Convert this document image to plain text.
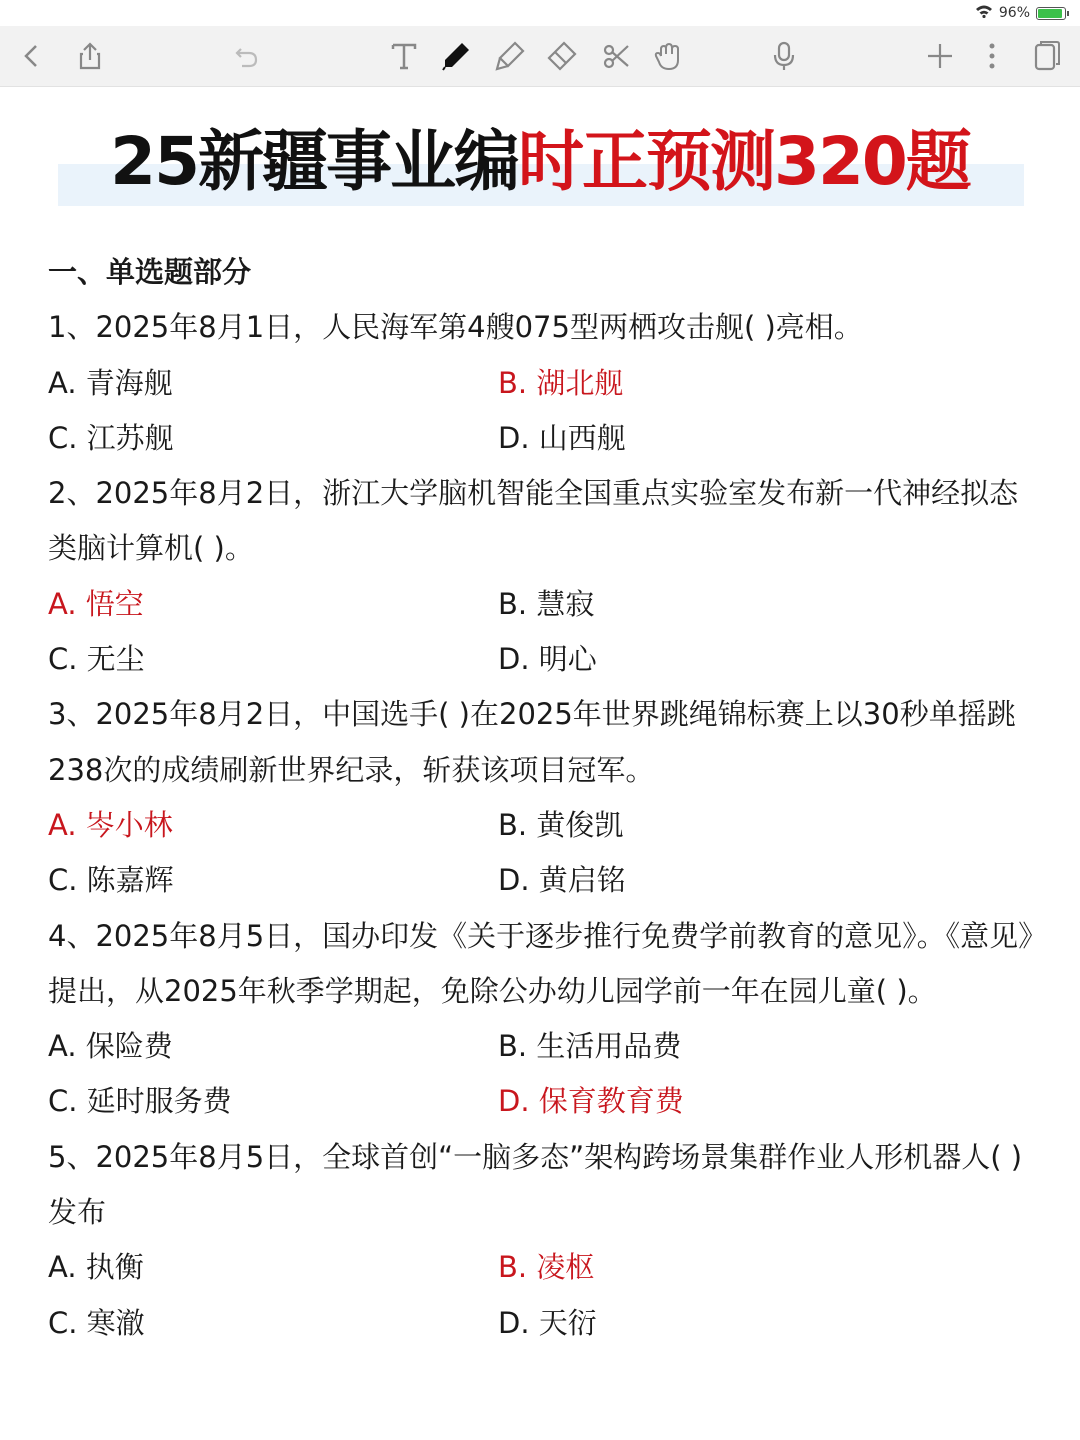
96%
25新疆事业编时正预测320题
一、单选题部分

1、2025年8月1日，人民海军第4艘075型两栖攻击舰( )亮相。

A. 青海舰	B. 湖北舰
C. 江苏舰	D. 山西舰

2、2025年8月2日，浙江大学脑机智能全国重点实验室发布新一代神经拟态类脑计算机( )。

A. 悟空	B. 慧寂
C. 无尘	D. 明心

3、2025年8月2日，中国选手( )在2025年世界跳绳锦标赛上以30秒单摇跳238次的成绩刷新世界纪录，斩获该项目冠军。

A. 岑小林	B. 黄俊凯
C. 陈嘉辉	D. 黄启铭

4、2025年8月5日，国办印发《关于逐步推行免费学前教育的意见》。《意见》提出，从2025年秋季学期起，免除公办幼儿园学前一年在园儿童( )。

A. 保险费	B. 生活用品费
C. 延时服务费	D. 保育教育费

5、2025年8月5日，全球首创“一脑多态”架构跨场景集群作业人形机器人( )发布

A. 执衡	B. 凌枢
C. 寒澈	D. 天衍
